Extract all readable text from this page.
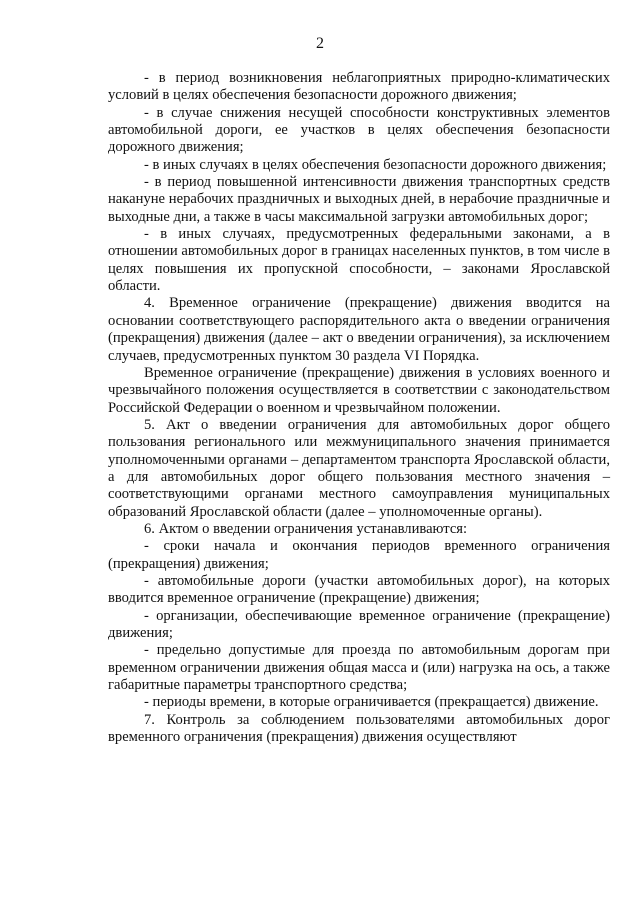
2

- в период возникновения неблагоприятных природно-климатических условий в целях обеспечения безопасности дорожного движения;

- в случае снижения несущей способности конструктивных элементов автомобильной дороги, ее участков в целях обеспечения безопасности дорожного движения;

- в иных случаях в целях обеспечения безопасности дорожного движения;

- в период повышенной интенсивности движения транспортных средств накануне нерабочих праздничных и выходных дней, в нерабочие праздничные и выходные дни, а также в часы максимальной загрузки автомобильных дорог;

- в иных случаях, предусмотренных федеральными законами, а в отношении автомобильных дорог в границах населенных пунктов, в том числе в целях повышения их пропускной способности, – законами Ярославской области.

4. Временное ограничение (прекращение) движения вводится на основании соответствующего распорядительного акта о введении ограничения (прекращения) движения (далее – акт о введении ограничения), за исключением случаев, предусмотренных пунктом 30 раздела VI Порядка.

Временное ограничение (прекращение) движения в условиях военного и чрезвычайного положения осуществляется в соответствии с законодательством Российской Федерации о военном и чрезвычайном положении.

5. Акт о введении ограничения для автомобильных дорог общего пользования регионального или межмуниципального значения принимается уполномоченными органами – департаментом транспорта Ярославской области, а для автомобильных дорог общего пользования местного значения – соответствующими органами местного самоуправления муниципальных образований Ярославской области (далее – уполномоченные органы).

6. Актом о введении ограничения устанавливаются:

- сроки начала и окончания периодов временного ограничения (прекращения) движения;

- автомобильные дороги (участки автомобильных дорог), на которых вводится временное ограничение (прекращение) движения;

- организации, обеспечивающие временное ограничение (прекращение) движения;

- предельно допустимые для проезда по автомобильным дорогам при временном ограничении движения общая масса и (или) нагрузка на ось, а также габаритные параметры транспортного средства;

- периоды времени, в которые ограничивается (прекращается) движение.

7. Контроль за соблюдением пользователями автомобильных дорог временного ограничения (прекращения) движения осуществляют
